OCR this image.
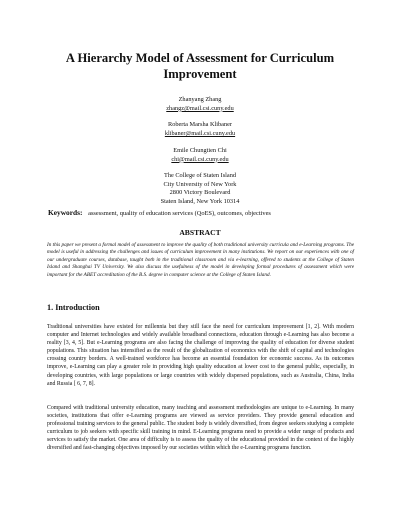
A Hierarchy Model of Assessment for Curriculum Improvement
Zhanyang Zhang
zhangz@mail.csi.cuny.edu
Roberta Marsha Klibaner
klibaner@mail.csi.cuny.edu
Emile Chungtien Chi
chi@mail.csi.cuny.edu
The College of Staten Island
City University of New York
2800 Victory Boulevard
Staten Island, New York 10314
Keywords: assessment, quality of education services (QoES), outcomes, objectives
ABSTRACT
In this paper we present a formal model of assessment to improve the quality of both traditional university curricula and e-Learning programs. The model is useful in addressing the challenges and issues of curriculum improvement in many institutions. We report on our experiences with one of our undergraduate courses, database, taught both in the traditional classroom and via e-learning, offered to students at the College of Staten Island and Shanghai TV University. We also discuss the usefulness of the model in developing formal procedures of assessment which were important for the ABET accreditation of the B.S. degree in computer science at the College of Staten Island.
1. Introduction
Traditional universities have existed for millennia but they still face the need for curriculum improvement [1, 2]. With modern computer and Internet technologies and widely available broadband connections, education through e-Learning has also become a reality [3, 4, 5]. But e-Learning programs are also facing the challenge of improving the quality of education for diverse student populations. This situation has intensified as the result of the globalization of economics with the shift of capital and technologies crossing country borders. A well-trained workforce has become an essential foundation for economic success. As its outcomes improve, e-Learning can play a greater role in providing high quality education at lower cost to the general public, especially, in developing countries, with large populations or large countries with widely dispersed populations, such as Australia, China, India and Russia [ 6, 7, 8].
Compared with traditional university education, many teaching and assessment methodologies are unique to e-Learning. In many societies, institutions that offer e-Learning programs are viewed as service providers. They provide general education and professional training services to the general public. The student body is widely diversified, from degree seekers studying a complete curriculum to job seekers with specific skill training in mind. E-Learning programs need to provide a wider range of products and services to satisfy the market. One area of difficulty is to assess the quality of the educational provided in the context of the highly diversified and fast-changing objectives imposed by our societies within which the e-Learning programs function.
